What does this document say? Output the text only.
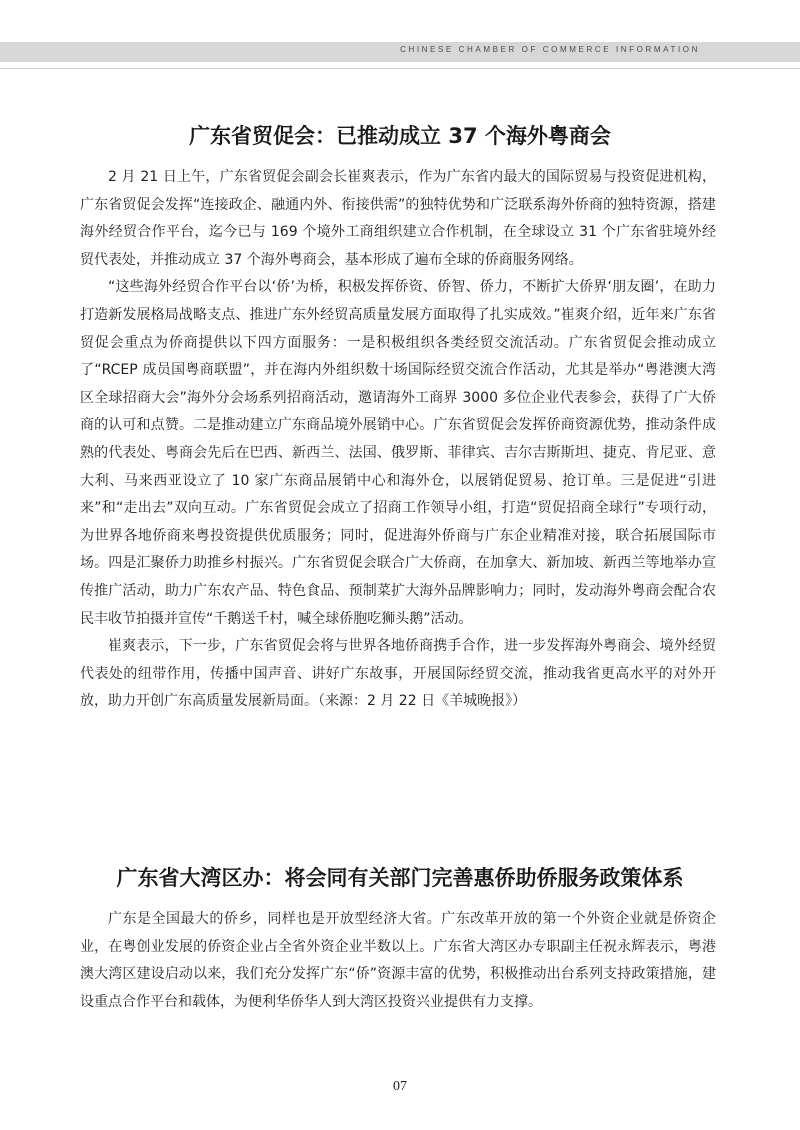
CHINESE CHAMBER OF COMMERCE INFORMATION
广东省贸促会：已推动成立 37 个海外粤商会

2 月 21 日上午，广东省贸促会副会长崔爽表示，作为广东省内最大的国际贸易与投资促进机构，广东省贸促会发挥“连接政企、融通内外、衔接供需”的独特优势和广泛联系海外侨商的独特资源，搭建海外经贸合作平台，迄今已与 169 个境外工商组织建立合作机制，在全球设立 31 个广东省驻境外经贸代表处，并推动成立 37 个海外粤商会，基本形成了遍布全球的侨商服务网络。

“这些海外经贸合作平台以‘侨’为桥，积极发挥侨资、侨智、侨力，不断扩大侨界‘朋友圈’，在助力打造新发展格局战略支点、推进广东外经贸高质量发展方面取得了扎实成效。”崔爽介绍，近年来广东省贸促会重点为侨商提供以下四方面服务：一是积极组织各类经贸交流活动。广东省贸促会推动成立了“RCEP 成员国粤商联盟”，并在海内外组织数十场国际经贸交流合作活动，尤其是举办“粤港澳大湾区全球招商大会”海外分会场系列招商活动，邀请海外工商界 3000 多位企业代表参会，获得了广大侨商的认可和点赞。二是推动建立广东商品境外展销中心。广东省贸促会发挥侨商资源优势，推动条件成熟的代表处、粤商会先后在巴西、新西兰、法国、俄罗斯、菲律宾、吉尔吉斯斯坦、捷克、肯尼亚、意大利、马来西亚设立了 10 家广东商品展销中心和海外仓，以展销促贸易、抢订单。三是促进“引进来”和“走出去”双向互动。广东省贸促会成立了招商工作领导小组，打造“贸促招商全球行”专项行动，为世界各地侨商来粤投资提供优质服务；同时，促进海外侨商与广东企业精准对接，联合拓展国际市场。四是汇聚侨力助推乡村振兴。广东省贸促会联合广大侨商，在加拿大、新加坡、新西兰等地举办宣传推广活动，助力广东农产品、特色食品、预制菜扩大海外品牌影响力；同时，发动海外粤商会配合农民丰收节拍摄并宣传“千鹅送千村，喊全球侨胞吃狮头鹅”活动。

崔爽表示，下一步，广东省贸促会将与世界各地侨商携手合作，进一步发挥海外粤商会、境外经贸代表处的纽带作用，传播中国声音、讲好广东故事，开展国际经贸交流，推动我省更高水平的对外开放，助力开创广东高质量发展新局面。（来源：2 月 22 日《羊城晚报》）

广东省大湾区办：将会同有关部门完善惠侨助侨服务政策体系

广东是全国最大的侨乡，同样也是开放型经济大省。广东改革开放的第一个外资企业就是侨资企业，在粤创业发展的侨资企业占全省外资企业半数以上。广东省大湾区办专职副主任祝永辉表示，粤港澳大湾区建设启动以来，我们充分发挥广东“侨”资源丰富的优势，积极推动出台系列支持政策措施，建设重点合作平台和载体，为便利华侨华人到大湾区投资兴业提供有力支撑。

07
